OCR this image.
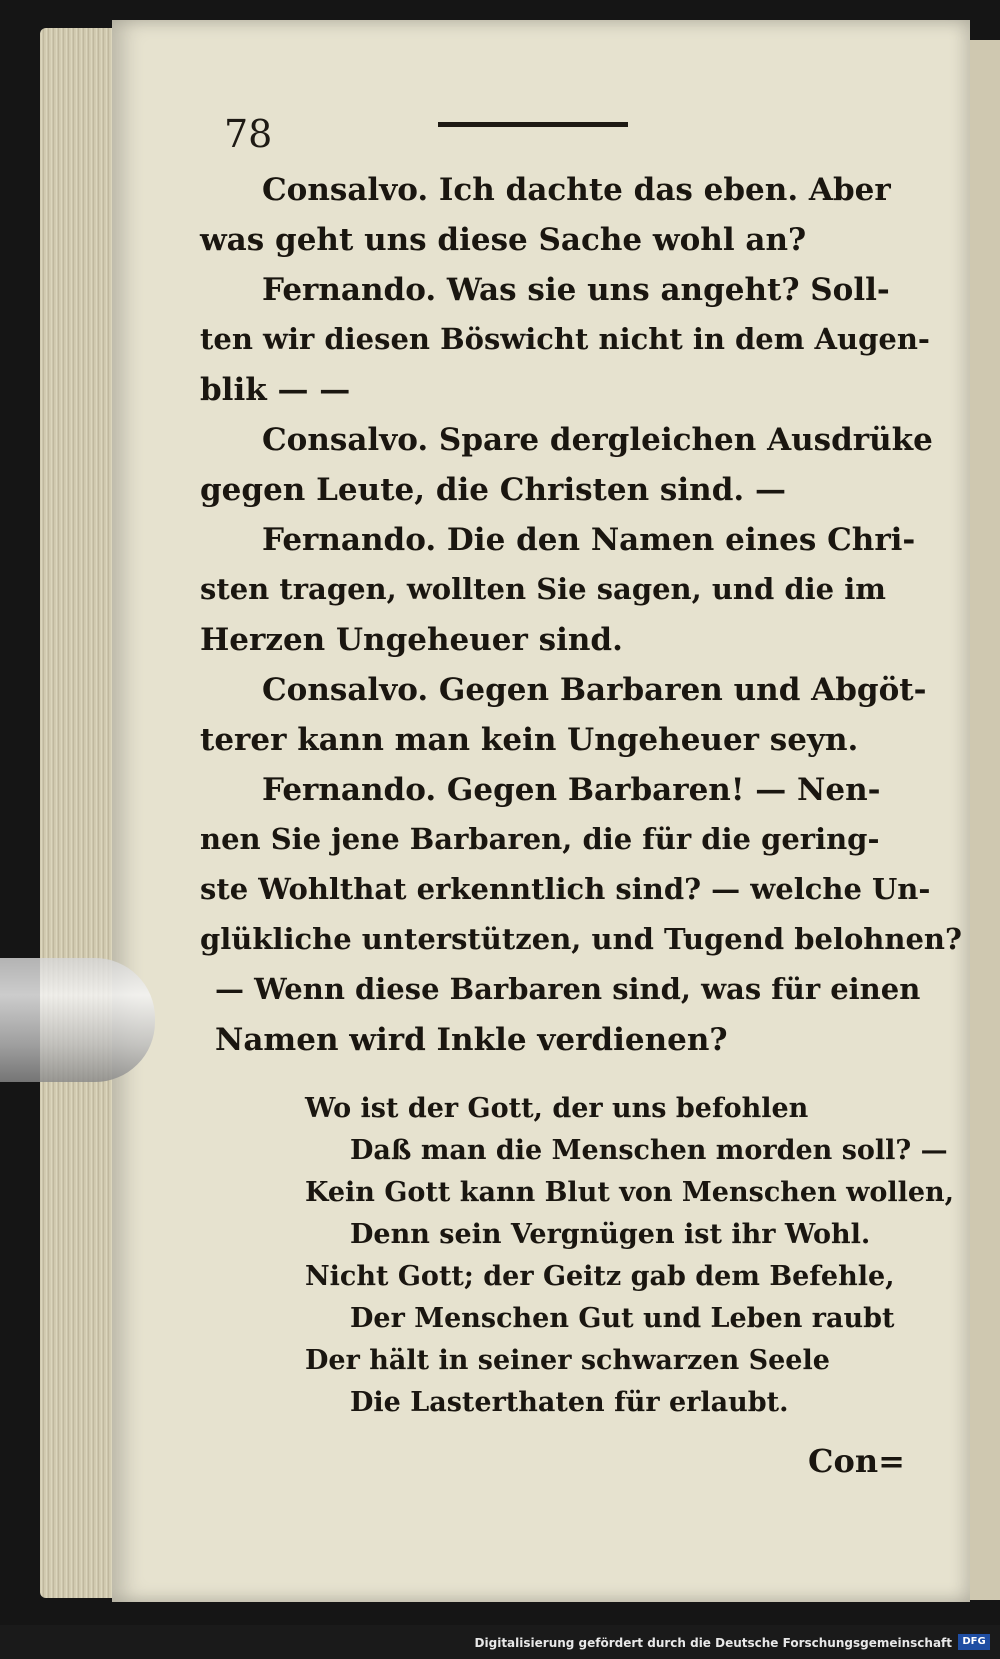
78
Consalvo. Ich dachte das eben. Aber
was geht uns diese Sache wohl an?
Fernando. Was sie uns angeht? Soll-
ten wir diesen Böswicht nicht in dem Augen-
blik — —
Consalvo. Spare dergleichen Ausdrüke
gegen Leute, die Christen sind. —
Fernando. Die den Namen eines Chri-
sten tragen, wollten Sie sagen, und die im
Herzen Ungeheuer sind.
Consalvo. Gegen Barbaren und Abgöt-
terer kann man kein Ungeheuer seyn.
Fernando. Gegen Barbaren! — Nen-
nen Sie jene Barbaren, die für die gering-
ste Wohlthat erkenntlich sind? — welche Un-
glükliche unterstützen, und Tugend belohnen?
— Wenn diese Barbaren sind, was für einen
Namen wird Inkle verdienen?
Wo ist der Gott, der uns befohlen
Daß man die Menschen morden soll? —
Kein Gott kann Blut von Menschen wollen,
Denn sein Vergnügen ist ihr Wohl.
Nicht Gott; der Geitz gab dem Befehle,
Der Menschen Gut und Leben raubt
Der hält in seiner schwarzen Seele
Die Lasterthaten für erlaubt.
Con=
Digitalisierung gefördert durch die Deutsche Forschungsgemeinschaft	DFG
